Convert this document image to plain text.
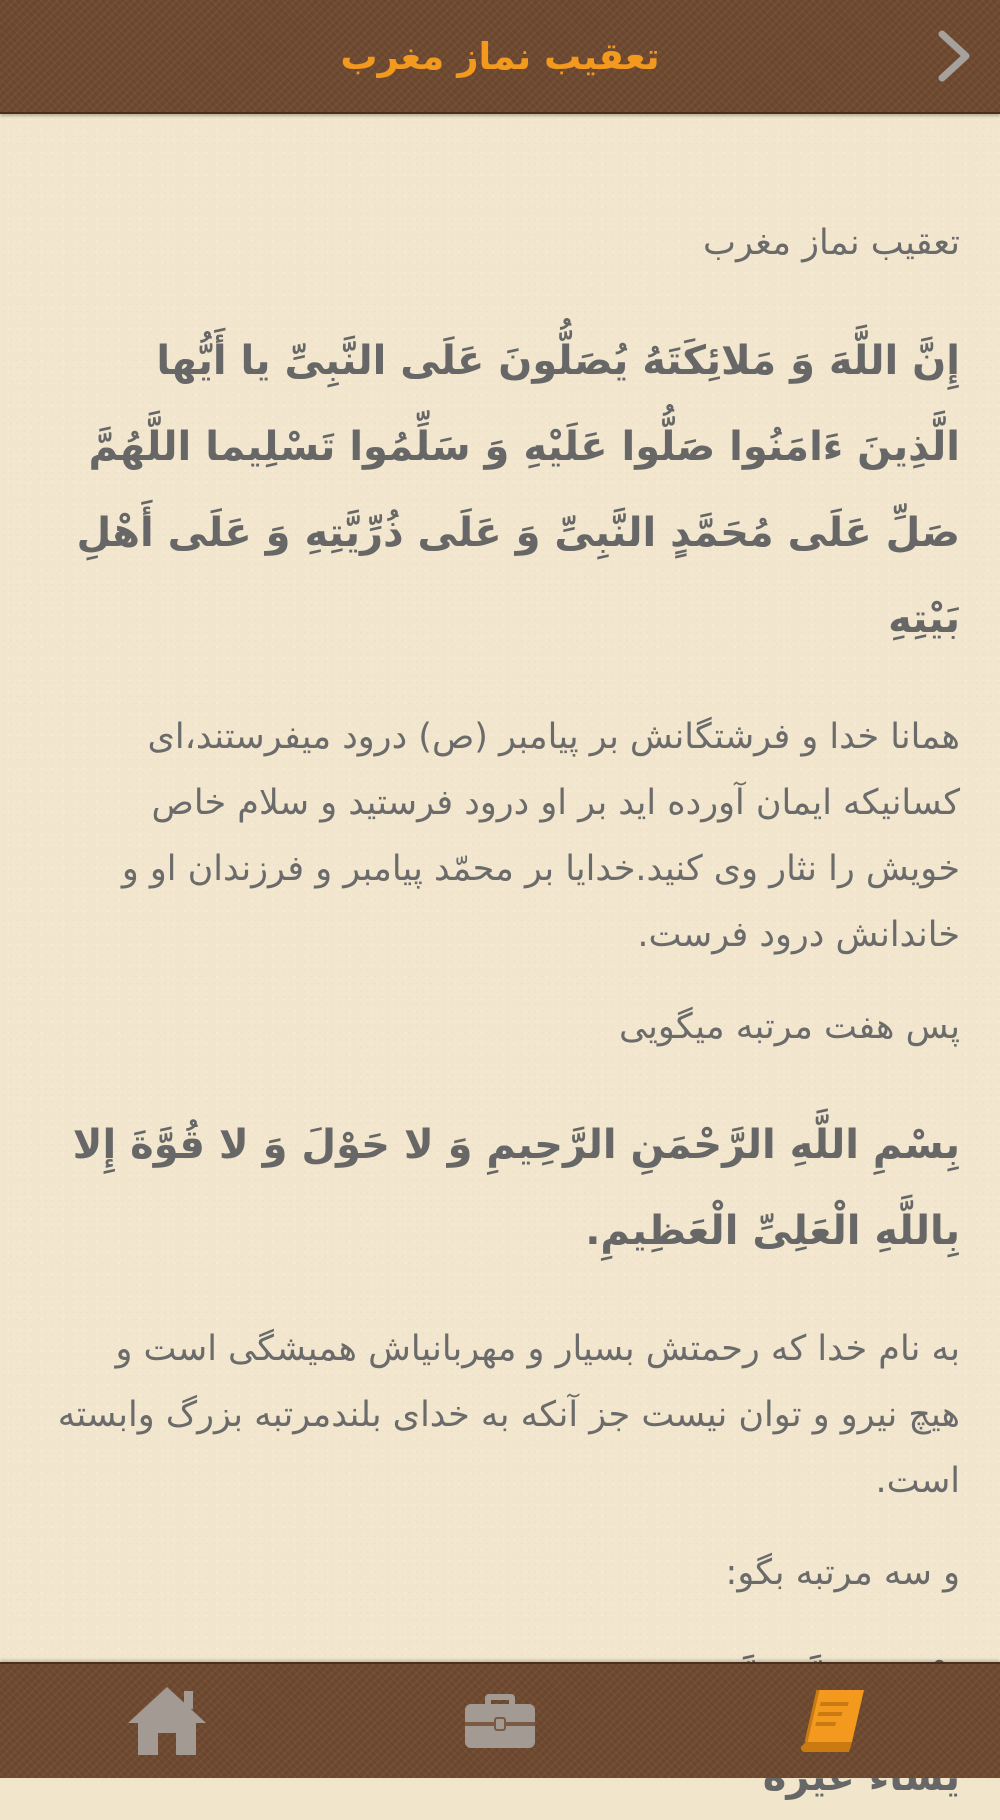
تعقیب نماز مغرب

تعقیب نماز مغرب

إِنَّ اللَّهَ وَ مَلائِکَتَهُ یُصَلُّونَ عَلَی النَّبِیِّ یا أَیُّها الَّذِینَ ءَامَنُوا صَلُّوا عَلَیْهِ وَ سَلِّمُوا تَسْلِیما اللَّهُمَّ صَلِّ عَلَی مُحَمَّدٍ النَّبِیِّ وَ عَلَی ذُرِّیَّتِهِ وَ عَلَی أَهْلِ بَیْتِهِ

همانا خدا و فرشتگانش بر پیامبر (ص) درود میفرستند،ای کسانیکه ایمان آورده اید بر او درود فرستید و سلام خاص خویش را نثار وی کنید.خدایا بر محمّد پیامبر و فرزندان او و خاندانش درود فرست.

پس هفت مرتبه میگویی

بِسْمِ اللَّهِ الرَّحْمَنِ الرَّحِیمِ وَ لا حَوْلَ وَ لا قُوَّةَ إِلا بِاللَّهِ الْعَلِیِّ الْعَظِیمِ.

به نام خدا که رحمتش بسیار و مهربانیاش همیشگی است و هیچ نیرو و توان نیست جز آنکه به خدای بلندمرتبه بزرگ وابسته است.

و سه مرتبه بگو:
